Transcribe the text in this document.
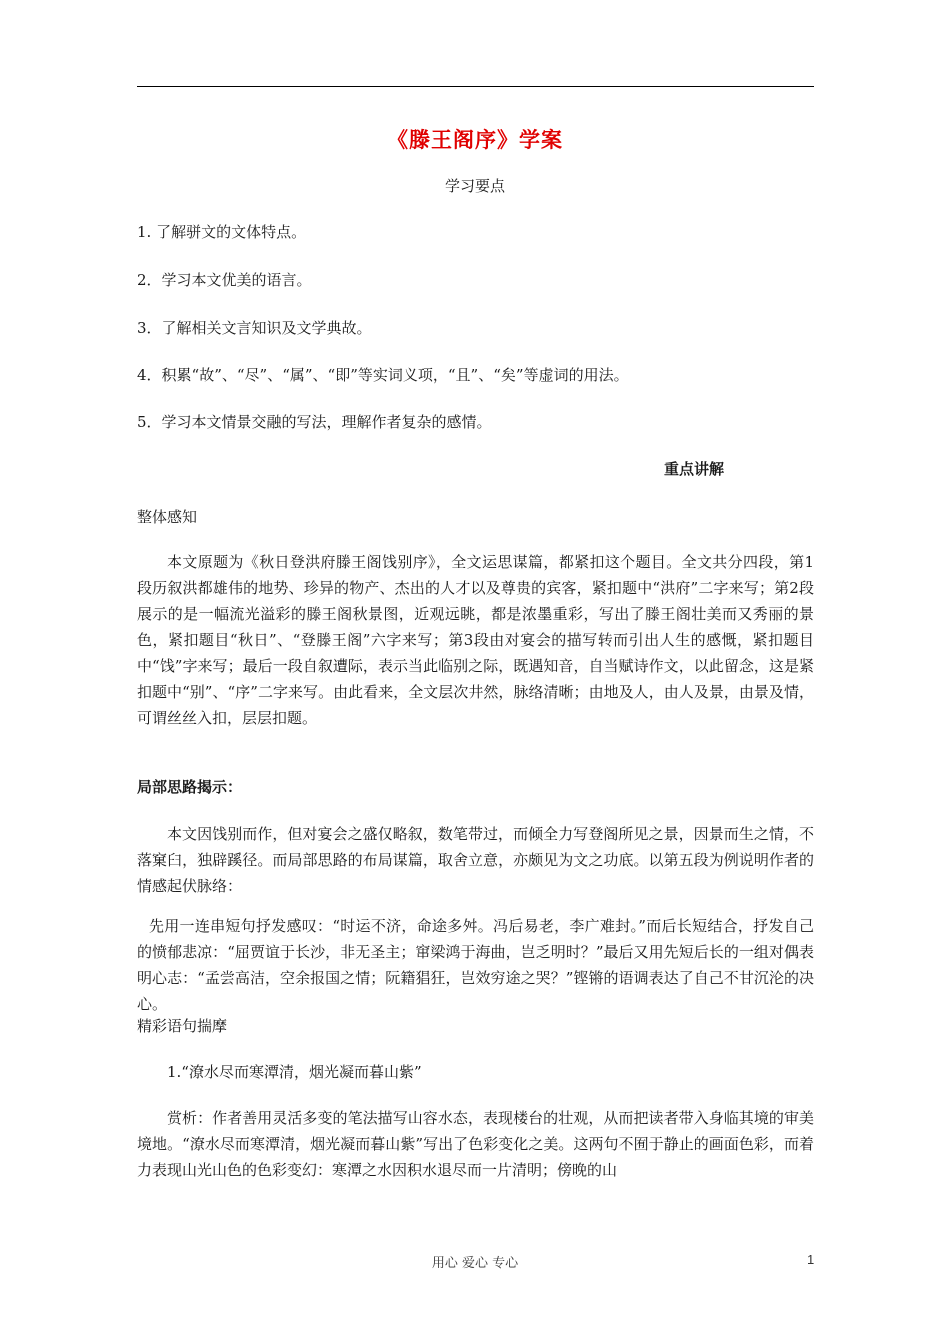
《滕王阁序》学案
学习要点
1. 了解骈文的文体特点。
2．学习本文优美的语言。
3．了解相关文言知识及文学典故。
4．积累“故”、“尽”、“属”、“即”等实词义项，“且”、“矣”等虚词的用法。
5．学习本文情景交融的写法，理解作者复杂的感情。
重点讲解
整体感知

本文原题为《秋日登洪府滕王阁饯别序》，全文运思谋篇，都紧扣这个题目。全文共分四段，第1段历叙洪都雄伟的地势、珍异的物产、杰出的人才以及尊贵的宾客，紧扣题中“洪府”二字来写；第2段展示的是一幅流光溢彩的滕王阁秋景图，近观远眺，都是浓墨重彩，写出了滕王阁壮美而又秀丽的景色，紧扣题目“秋日”、“登滕王阁”六字来写；第3段由对宴会的描写转而引出人生的感慨，紧扣题目中“饯”字来写；最后一段自叙遭际，表示当此临别之际，既遇知音，自当赋诗作文，以此留念，这是紧扣题中“别”、“序”二字来写。由此看来，全文层次井然，脉络清晰；由地及人，由人及景，由景及情，可谓丝丝入扣，层层扣题。

局部思路揭示：

本文因饯别而作，但对宴会之盛仅略叙，数笔带过，而倾全力写登阁所见之景，因景而生之情，不落窠臼，独辟蹊径。而局部思路的布局谋篇，取舍立意，亦颇见为文之功底。以第五段为例说明作者的情感起伏脉络：

先用一连串短句抒发感叹：“时运不济，命途多舛。冯后易老，李广难封。”而后长短结合，抒发自己的愤郁悲凉：“屈贾谊于长沙，非无圣主；窜梁鸿于海曲，岂乏明时？”最后又用先短后长的一组对偶表明心志：“孟尝高洁，空余报国之情；阮籍猖狂，岂效穷途之哭？”铿锵的语调表达了自己不甘沉沦的决心。

精彩语句揣摩
1.“潦水尽而寒潭清，烟光凝而暮山紫”

赏析：作者善用灵活多变的笔法描写山容水态，表现楼台的壮观，从而把读者带入身临其境的审美境地。“潦水尽而寒潭清，烟光凝而暮山紫”写出了色彩变化之美。这两句不囿于静止的画面色彩，而着力表现山光山色的色彩变幻：寒潭之水因积水退尽而一片清明；傍晚的山

用心 爱心 专心	1
